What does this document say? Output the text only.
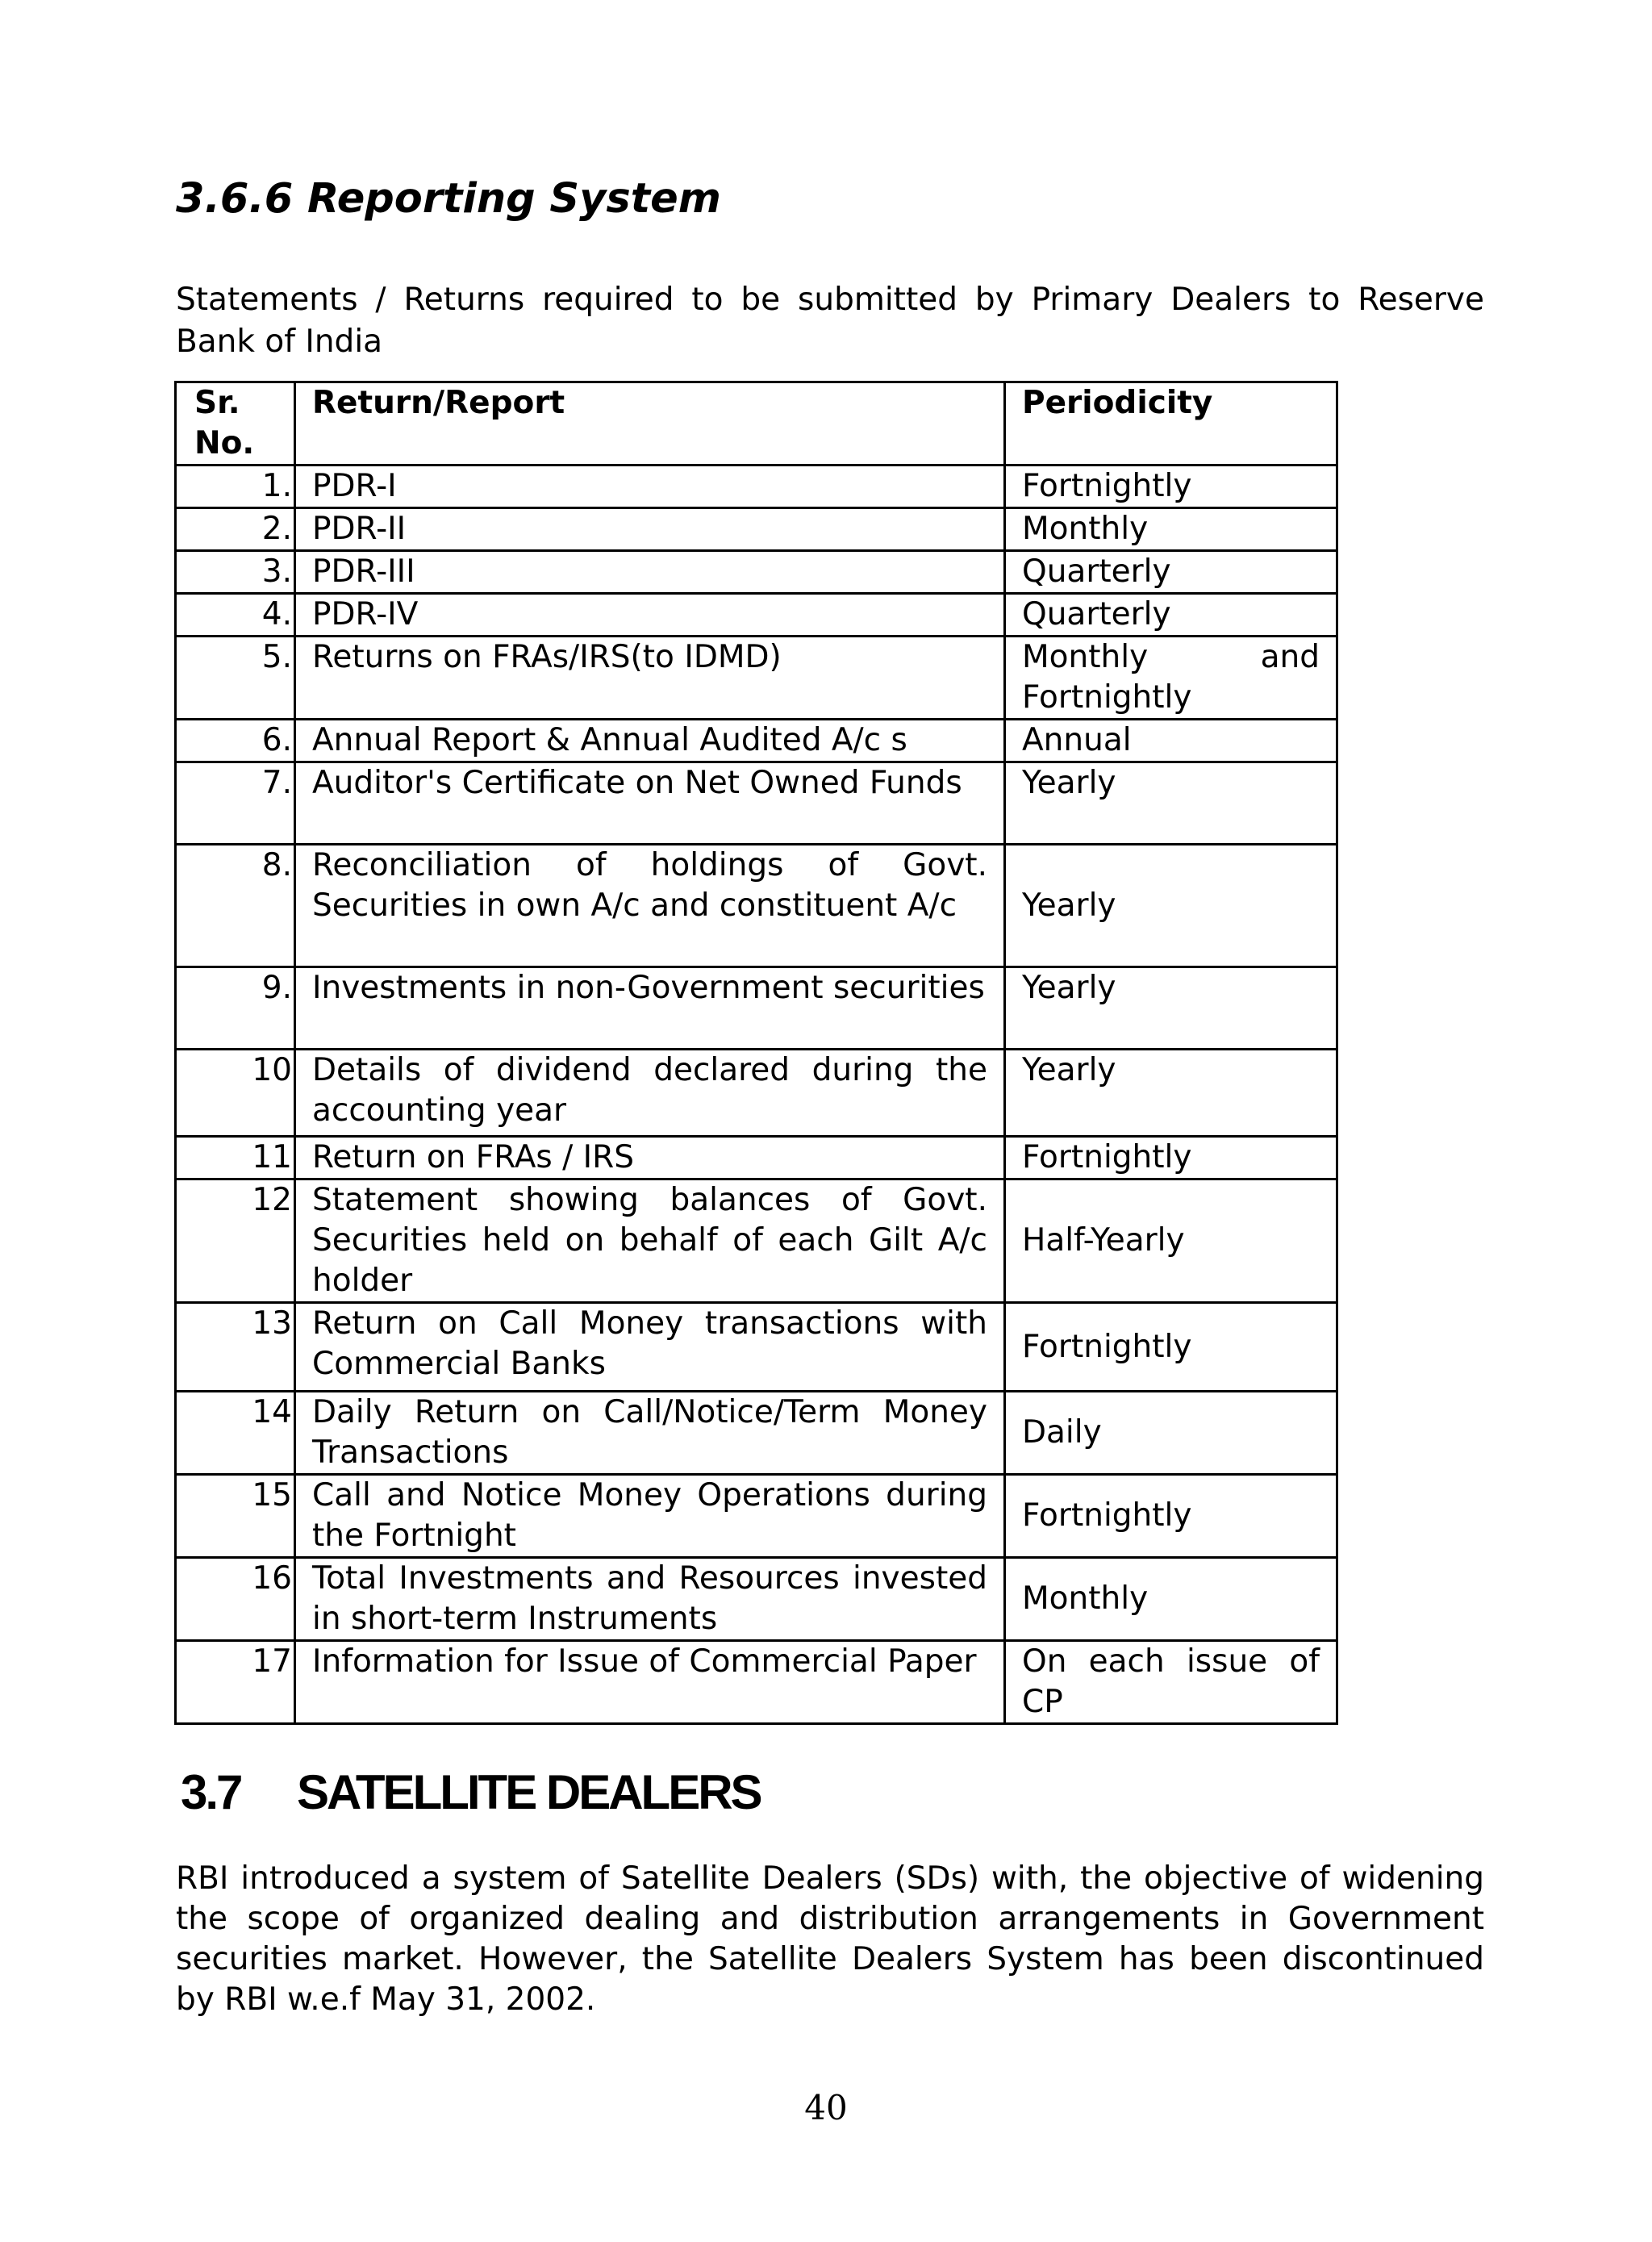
3.6.6 Reporting System

Statements / Returns required to be submitted by Primary Dealers to Reserve Bank of India

Sr. No.	Return/Report	Periodicity
1.	PDR-I	Fortnightly
2.	PDR-II	Monthly
3.	PDR-III	Quarterly
4.	PDR-IV	Quarterly
5.	Returns on FRAs/IRS(to IDMD)	Monthly and Fortnightly
6.	Annual Report & Annual Audited A/c s	Annual
7.	Auditor's Certificate on Net Owned Funds	Yearly
8.	Reconciliation of holdings of Govt. Securities in own A/c and constituent A/c	Yearly
9.	Investments in non-Government securities	Yearly
10	Details of dividend declared during the accounting year	Yearly
11	Return on FRAs / IRS	Fortnightly
12	Statement showing balances of Govt. Securities held on behalf of each Gilt A/c holder	Half-Yearly
13	Return on Call Money transactions with Commercial Banks	Fortnightly
14	Daily Return on Call/Notice/Term Money Transactions	Daily
15	Call and Notice Money Operations during the Fortnight	Fortnightly
16	Total Investments and Resources invested in short-term Instruments	Monthly
17	Information for Issue of Commercial Paper	On each issue of CP
3.7 SATELLITE DEALERS

RBI introduced a system of Satellite Dealers (SDs) with, the objective of widening the scope of organized dealing and distribution arrangements in Government securities market. However, the Satellite Dealers System has been discontinued by RBI w.e.f May 31, 2002.

40
